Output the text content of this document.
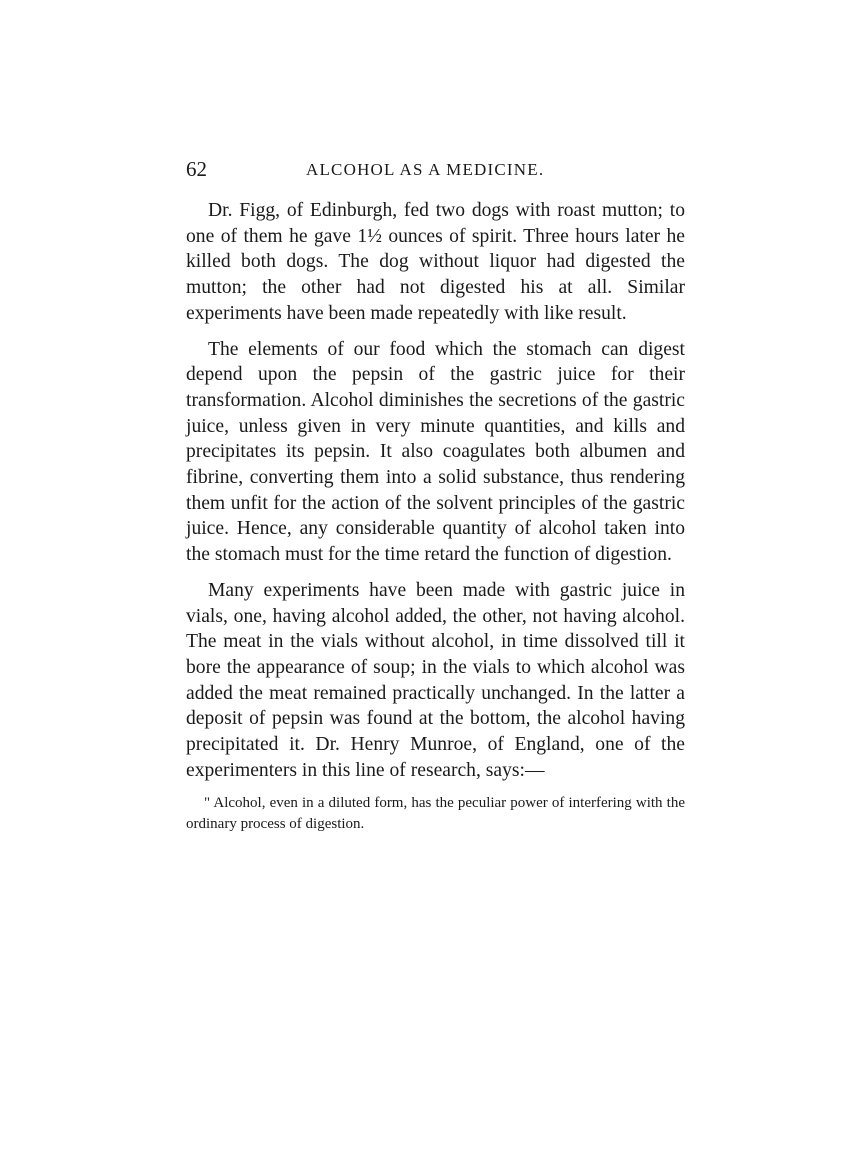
62	ALCOHOL AS A MEDICINE.

Dr. Figg, of Edinburgh, fed two dogs with roast mutton; to one of them he gave 1½ ounces of spirit. Three hours later he killed both dogs. The dog without liquor had digested the mutton; the other had not digested his at all. Similar experiments have been made repeatedly with like result.

The elements of our food which the stomach can digest depend upon the pepsin of the gastric juice for their transformation. Alcohol diminishes the secretions of the gastric juice, unless given in very minute quantities, and kills and precipitates its pepsin. It also coagulates both albumen and fibrine, converting them into a solid substance, thus rendering them unfit for the action of the solvent principles of the gastric juice. Hence, any considerable quantity of alcohol taken into the stomach must for the time retard the function of digestion.

Many experiments have been made with gastric juice in vials, one, having alcohol added, the other, not having alcohol. The meat in the vials without alcohol, in time dissolved till it bore the appearance of soup; in the vials to which alcohol was added the meat remained practically unchanged. In the latter a deposit of pepsin was found at the bottom, the alcohol having precipitated it. Dr. Henry Munroe, of England, one of the experimenters in this line of research, says:—

" Alcohol, even in a diluted form, has the peculiar power of interfering with the ordinary process of digestion.
